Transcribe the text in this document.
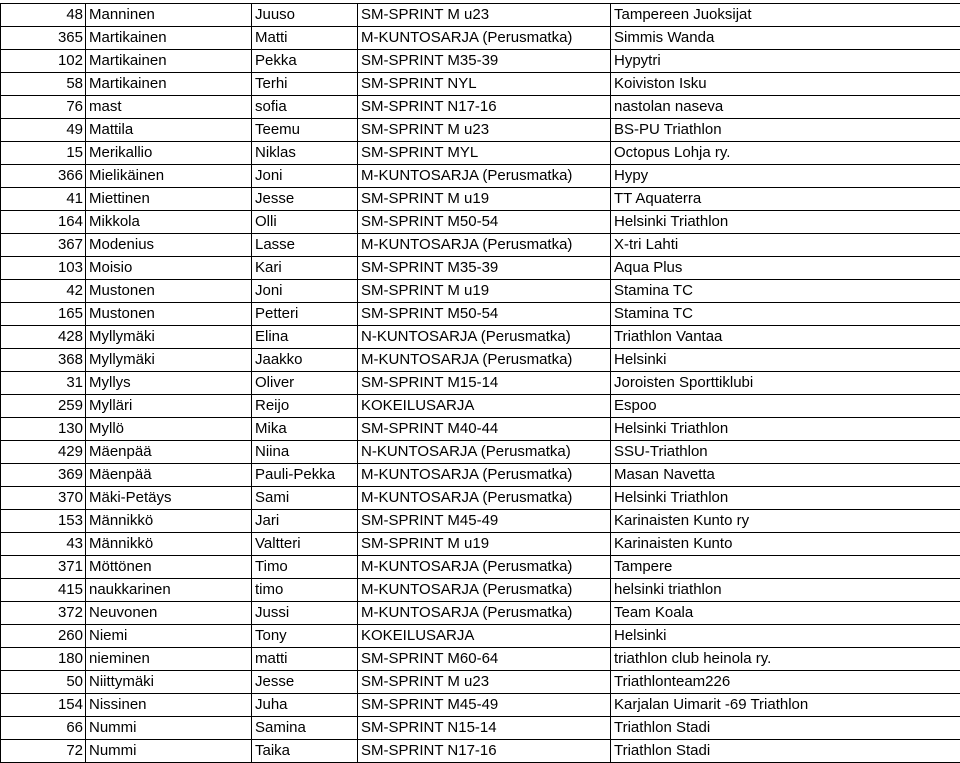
48	Manninen	Juuso	SM-SPRINT M u23	Tampereen Juoksijat
365	Martikainen	Matti	M-KUNTOSARJA (Perusmatka)	Simmis Wanda
102	Martikainen	Pekka	SM-SPRINT M35-39	Hypytri
58	Martikainen	Terhi	SM-SPRINT NYL	Koiviston Isku
76	mast	sofia	SM-SPRINT N17-16	nastolan naseva
49	Mattila	Teemu	SM-SPRINT M u23	BS-PU Triathlon
15	Merikallio	Niklas	SM-SPRINT MYL	Octopus Lohja ry.
366	Mielikäinen	Joni	M-KUNTOSARJA (Perusmatka)	Hypy
41	Miettinen	Jesse	SM-SPRINT M u19	TT Aquaterra
164	Mikkola	Olli	SM-SPRINT M50-54	Helsinki Triathlon
367	Modenius	Lasse	M-KUNTOSARJA (Perusmatka)	X-tri Lahti
103	Moisio	Kari	SM-SPRINT M35-39	Aqua Plus
42	Mustonen	Joni	SM-SPRINT M u19	Stamina TC
165	Mustonen	Petteri	SM-SPRINT M50-54	Stamina TC
428	Myllymäki	Elina	N-KUNTOSARJA (Perusmatka)	Triathlon Vantaa
368	Myllymäki	Jaakko	M-KUNTOSARJA (Perusmatka)	Helsinki
31	Myllys	Oliver	SM-SPRINT M15-14	Joroisten Sporttiklubi
259	Mylläri	Reijo	KOKEILUSARJA	Espoo
130	Myllö	Mika	SM-SPRINT M40-44	Helsinki Triathlon
429	Mäenpää	Niina	N-KUNTOSARJA (Perusmatka)	SSU-Triathlon
369	Mäenpää	Pauli-Pekka	M-KUNTOSARJA (Perusmatka)	Masan Navetta
370	Mäki-Petäys	Sami	M-KUNTOSARJA (Perusmatka)	Helsinki Triathlon
153	Männikkö	Jari	SM-SPRINT M45-49	Karinaisten Kunto ry
43	Männikkö	Valtteri	SM-SPRINT M u19	Karinaisten Kunto
371	Möttönen	Timo	M-KUNTOSARJA (Perusmatka)	Tampere
415	naukkarinen	timo	M-KUNTOSARJA (Perusmatka)	helsinki triathlon
372	Neuvonen	Jussi	M-KUNTOSARJA (Perusmatka)	Team Koala
260	Niemi	Tony	KOKEILUSARJA	Helsinki
180	nieminen	matti	SM-SPRINT M60-64	triathlon club heinola ry.
50	Niittymäki	Jesse	SM-SPRINT M u23	Triathlonteam226
154	Nissinen	Juha	SM-SPRINT M45-49	Karjalan Uimarit -69 Triathlon
66	Nummi	Samina	SM-SPRINT N15-14	Triathlon Stadi
72	Nummi	Taika	SM-SPRINT N17-16	Triathlon Stadi
